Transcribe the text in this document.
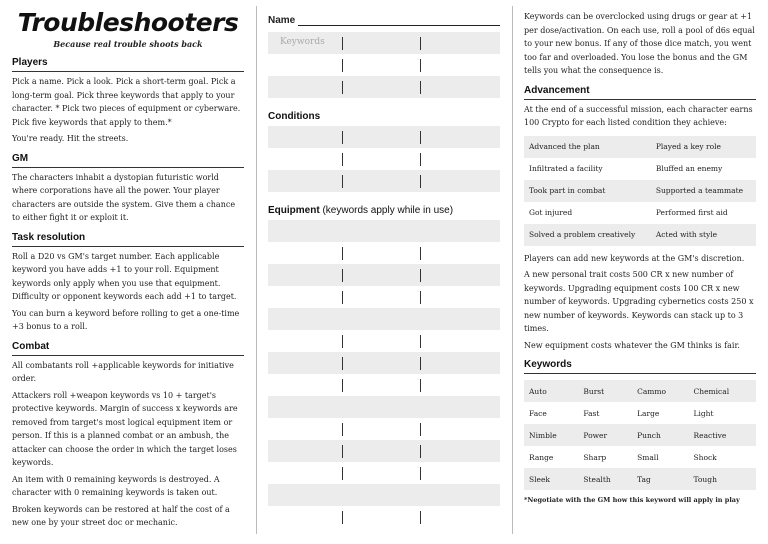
Troubleshooters
Because real trouble shoots back
Players

Pick a name. Pick a look. Pick a short-term goal. Pick a long-term goal. Pick three keywords that apply to your character. * Pick two pieces of equipment or cyberware. Pick five keywords that apply to them.*

You're ready. Hit the streets.

GM

The characters inhabit a dystopian futuristic world where corporations have all the power. Your player characters are outside the system. Give them a chance to either fight it or exploit it.

Task resolution

Roll a D20 vs GM's target number. Each applicable keyword you have adds +1 to your roll. Equipment keywords only apply when you use that equipment. Difficulty or opponent keywords each add +1 to target.

You can burn a keyword before rolling to get a one-time +3 bonus to a roll.

Combat

All combatants roll +applicable keywords for initiative order.

Attackers roll +weapon keywords vs 10 + target's protective keywords. Margin of success x keywords are removed from target's most logical equipment item or person. If this is a planned combat or an ambush, the attacker can choose the order in which the target loses keywords.

An item with 0 remaining keywords is destroyed. A character with 0 remaining keywords is taken out.

Broken keywords can be restored at half the cost of a new one by your street doc or mechanic.

Name
Keywords
Conditions
Equipment (keywords apply while in use)

Keywords can be overclocked using drugs or gear at +1 per dose/activation. On each use, roll a pool of d6s equal to your new bonus. If any of those dice match, you went too far and overloaded. You lose the bonus and the GM tells you what the consequence is.

Advancement

At the end of a successful mission, each character earns 100 Crypto for each listed condition they achieve:

Advanced the plan	Played a key role
Infiltrated a facility	Bluffed an enemy
Took part in combat	Supported a teammate
Got injured	Performed first aid
Solved a problem creatively	Acted with style

Players can add new keywords at the GM's discretion.

A new personal trait costs 500 CR x new number of keywords. Upgrading equipment costs 100 CR x new number of keywords. Upgrading cybernetics costs 250 x new number of keywords. Keywords can stack up to 3 times.

New equipment costs whatever the GM thinks is fair.

Keywords
Auto	Burst	Cammo	Chemical
Face	Fast	Large	Light
Nimble	Power	Punch	Reactive
Range	Sharp	Small	Shock
Sleek	Stealth	Tag	Tough
*Negotiate with the GM how this keyword will apply in play
